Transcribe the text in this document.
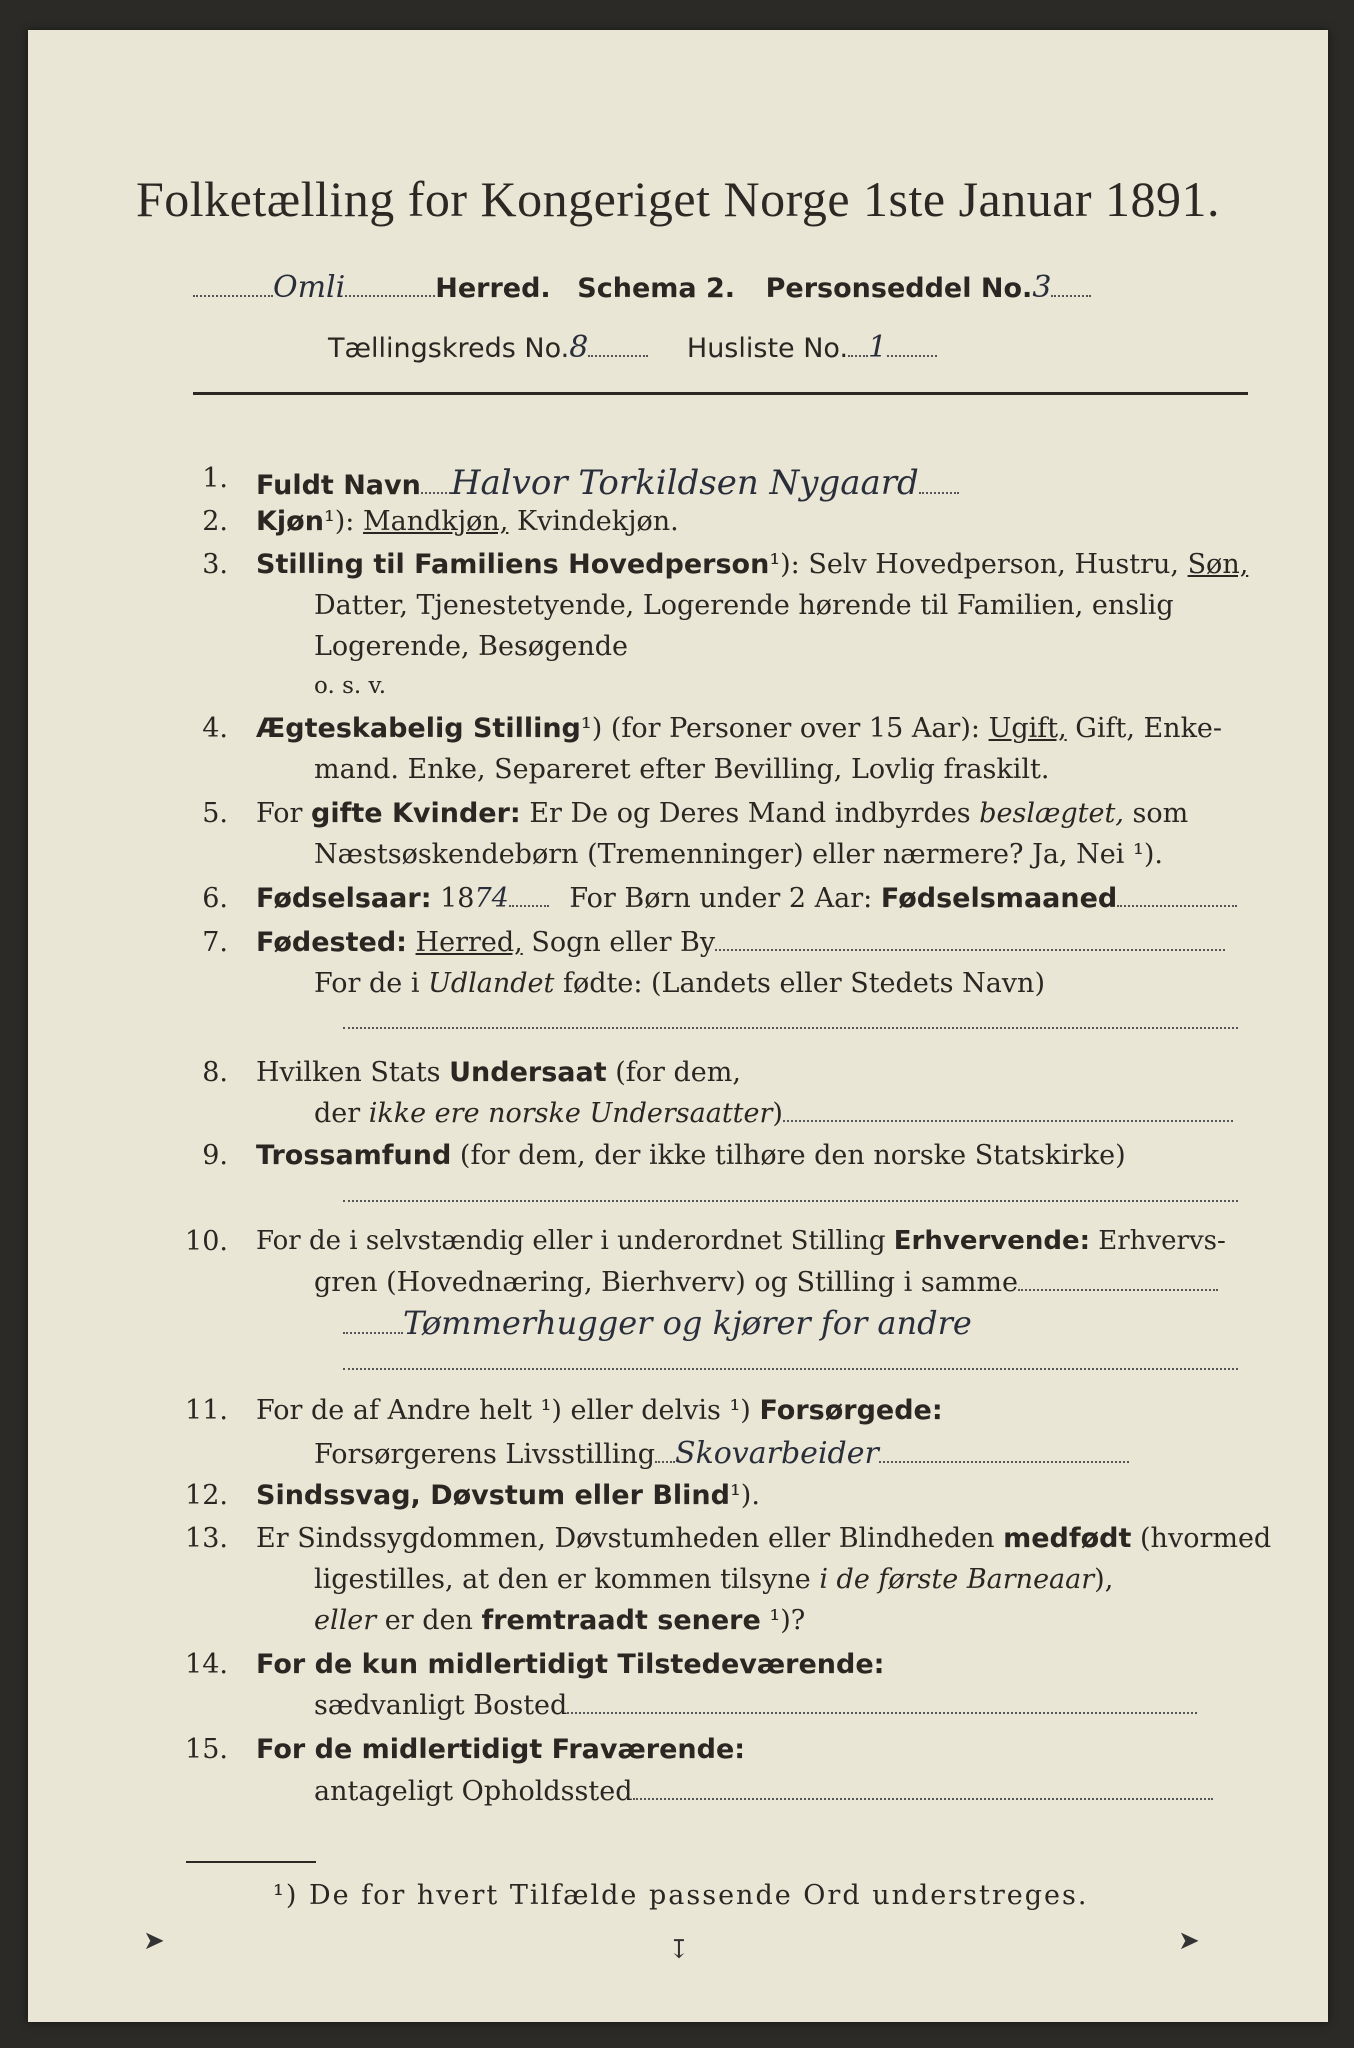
Folketælling for Kongeriget Norge 1ste Januar 1891.
Omli	Herred. Schema 2. Personseddel No.3
Tællingskreds No.8	Husliste No. 1
1. Fuldt Navn Halvor Torkildsen Nygaard
2. Kjøn¹): Mandkjøn, Kvindekjøn.
3. Stilling til Familiens Hovedperson¹): Selv Hovedperson, Hustru, Søn,
Datter, Tjenestetyende, Logerende hørende til Familien, enslig
Logerende, Besøgende
o. s. v.
4. Ægteskabelig Stilling¹) (for Personer over 15 Aar): Ugift, Gift, Enke-
mand. Enke, Separeret efter Bevilling, Lovlig fraskilt.
5. For gifte Kvinder: Er De og Deres Mand indbyrdes beslægtet, som
Næstsøskendebørn (Tremenninger) eller nærmere? Ja, Nei ¹).
6. Fødselsaar: 1874 For Børn under 2 Aar: Fødselsmaaned
7. Fødested: Herred, Sogn eller By
For de i Udlandet fødte: (Landets eller Stedets Navn)
8. Hvilken Stats Undersaat (for dem,
der ikke ere norske Undersaatter)
9. Trossamfund (for dem, der ikke tilhøre den norske Statskirke)
10. For de i selvstændig eller i underordnet Stilling Erhvervende: Erhvervs-
gren (Hovednæring, Bierhverv) og Stilling i samme
Tømmerhugger og kjører for andre
11. For de af Andre helt ¹) eller delvis ¹) Forsørgede:
Forsørgerens Livsstilling Skovarbeider
12. Sindssvag, Døvstum eller Blind¹).
13. Er Sindssygdommen, Døvstumheden eller Blindheden medfødt (hvormed
ligestilles, at den er kommen tilsyne i de første Barneaar),
eller er den fremtraadt senere ¹)?
14. For de kun midlertidigt Tilstedeværende:
sædvanligt Bosted
15. For de midlertidigt Fraværende:
antageligt Opholdssted
¹) De for hvert Tilfælde passende Ord understreges.
➤	↧	➤
